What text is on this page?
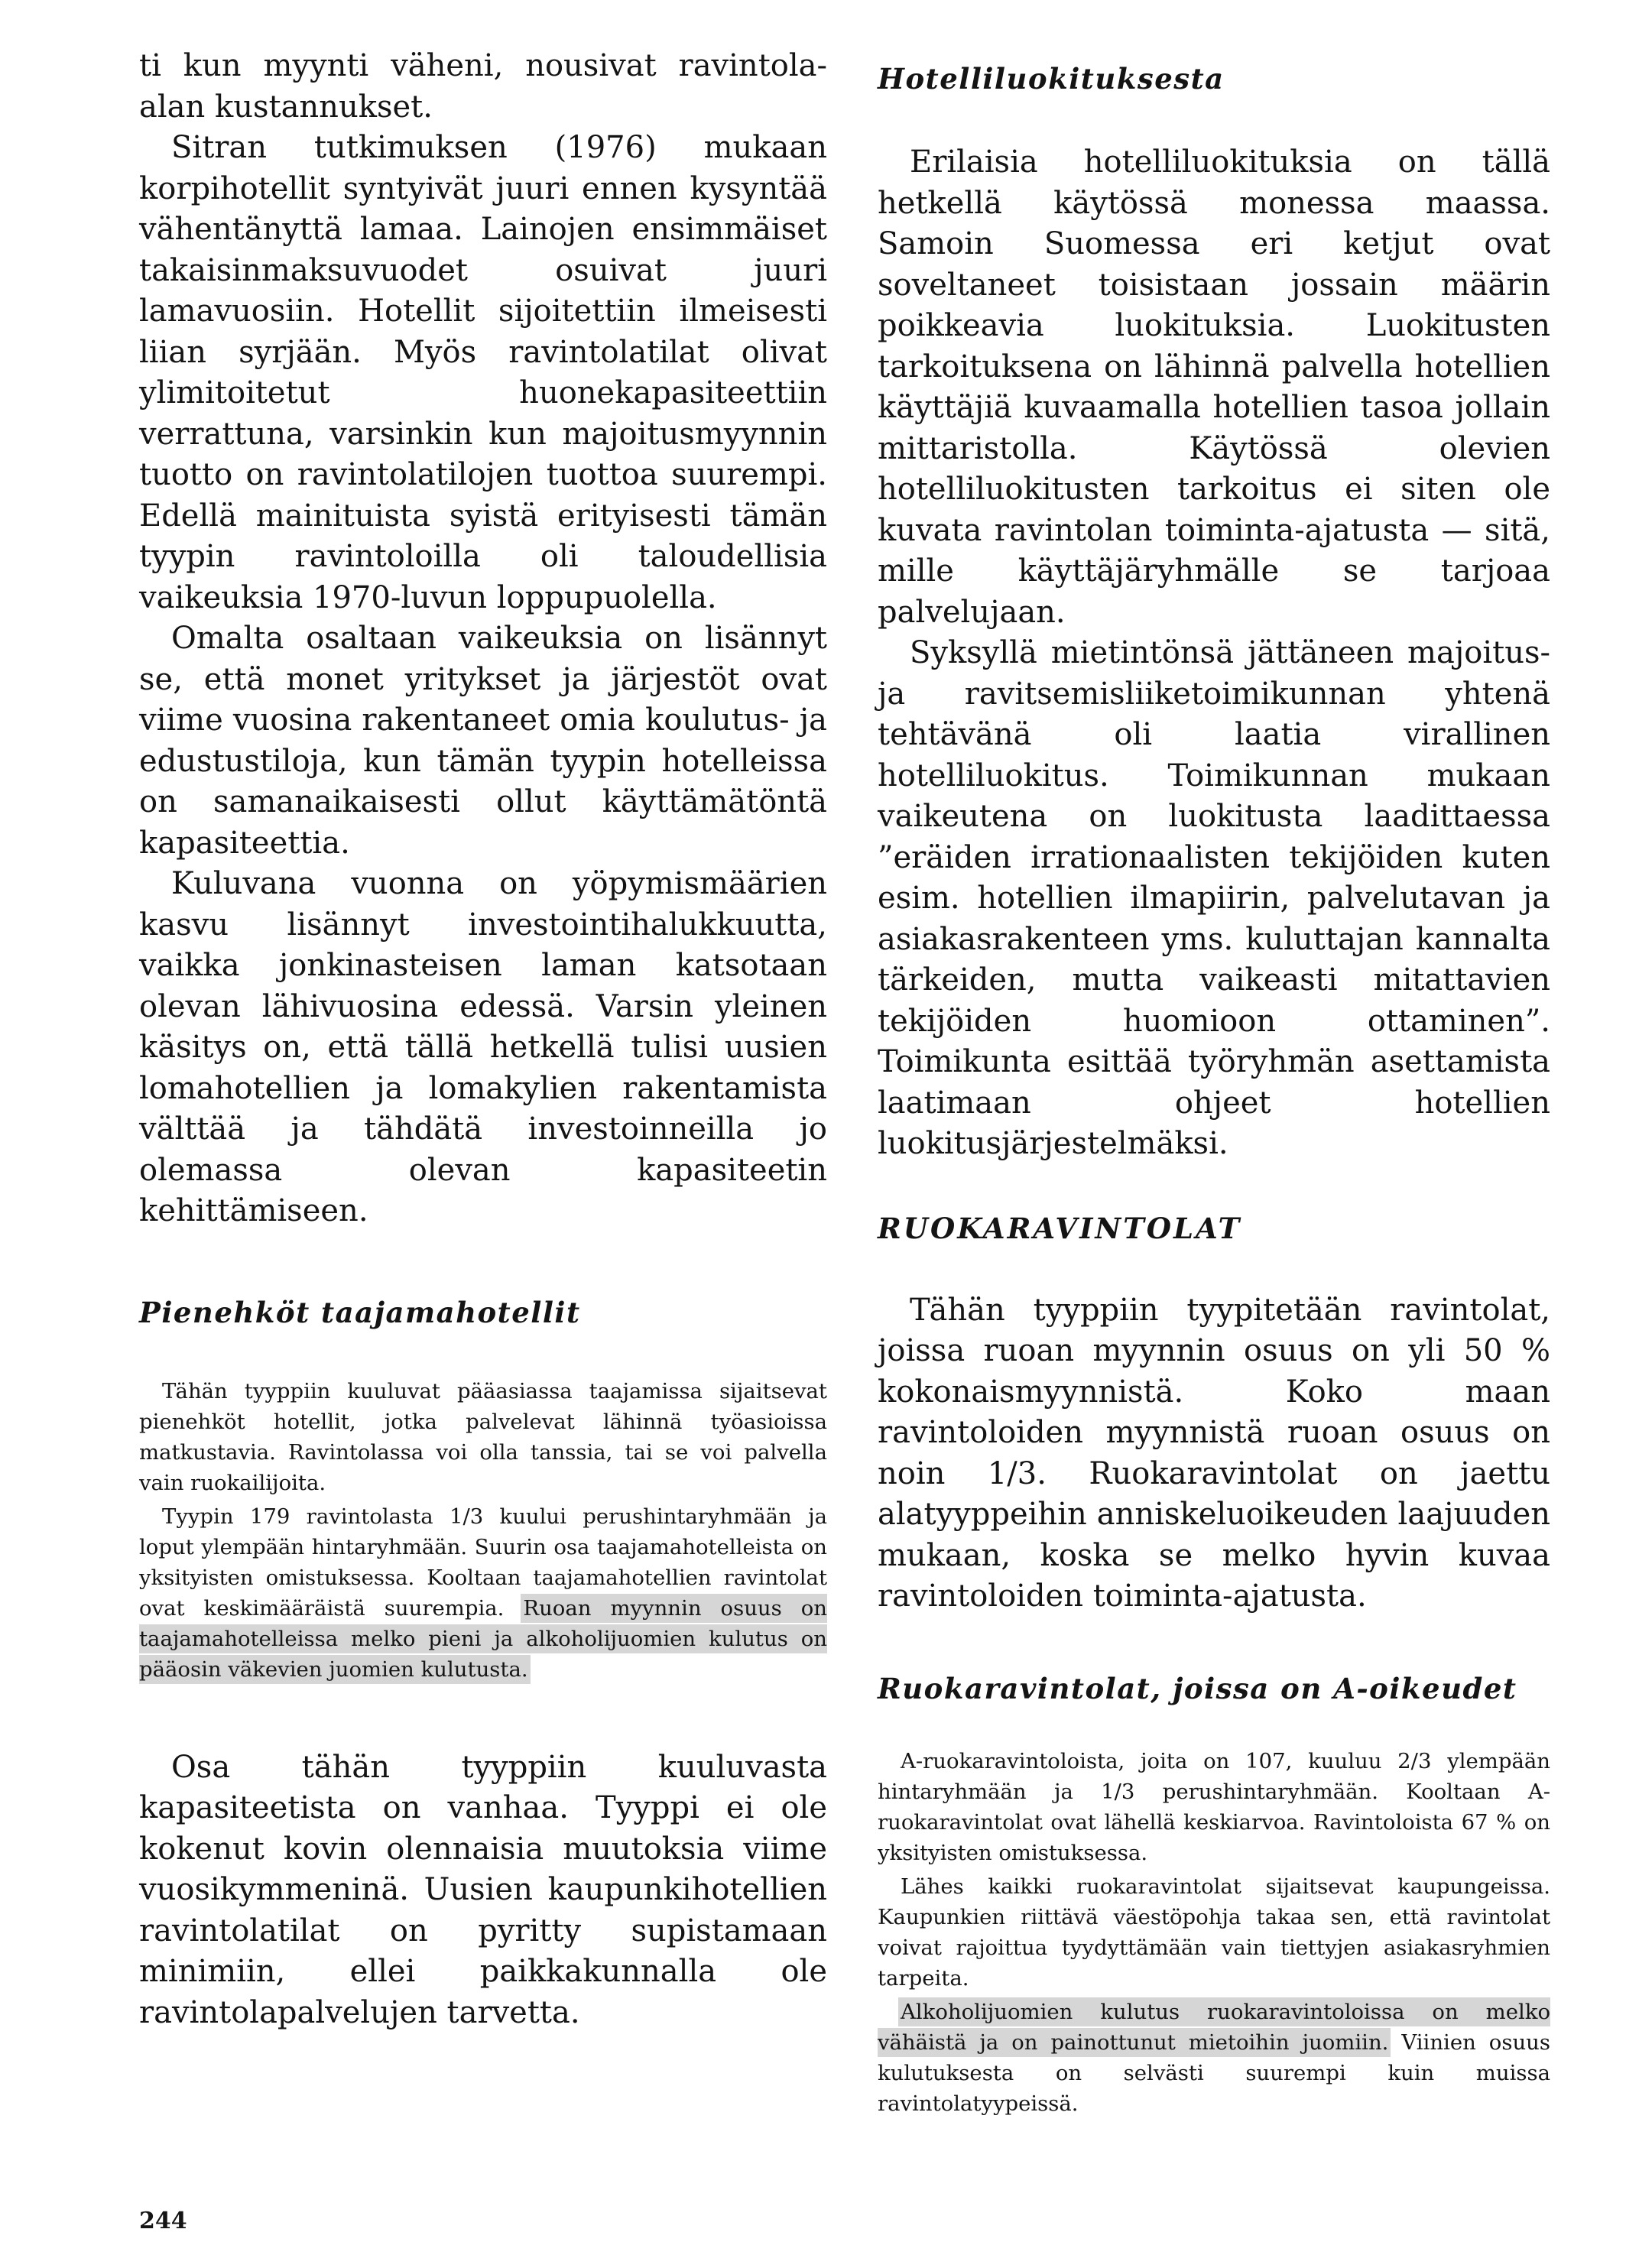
ti kun myynti väheni, nousivat ravintola-alan kustannukset.

Sitran tutkimuksen (1976) mukaan korpihotellit syntyivät juuri ennen kysyntää vähentänyttä lamaa. Lainojen ensimmäiset takaisinmaksuvuodet osuivat juuri lamavuosiin. Hotellit sijoitettiin ilmeisesti liian syrjään. Myös ravintolatilat olivat ylimitoitetut huonekapasiteettiin verrattuna, varsinkin kun majoitusmyynnin tuotto on ravintolatilojen tuottoa suurempi. Edellä mainituista syistä erityisesti tämän tyypin ravintoloilla oli taloudellisia vaikeuksia 1970-luvun loppupuolella.

Omalta osaltaan vaikeuksia on lisännyt se, että monet yritykset ja järjestöt ovat viime vuosina rakentaneet omia koulutus- ja edustustiloja, kun tämän tyypin hotelleissa on samanaikaisesti ollut käyttämätöntä kapasiteettia.

Kuluvana vuonna on yöpymismäärien kasvu lisännyt investointihalukkuutta, vaikka jonkinasteisen laman katsotaan olevan lähivuosina edessä. Varsin yleinen käsitys on, että tällä hetkellä tulisi uusien lomahotellien ja lomakylien rakentamista välttää ja tähdätä investoinneilla jo olemassa olevan kapasiteetin kehittämiseen.

Pienehköt taajamahotellit

Tähän tyyppiin kuuluvat pääasiassa taajamissa sijaitsevat pienehköt hotellit, jotka palvelevat lähinnä työasioissa matkustavia. Ravintolassa voi olla tanssia, tai se voi palvella vain ruokailijoita.

Tyypin 179 ravintolasta 1/3 kuului perushintaryhmään ja loput ylempään hintaryhmään. Suurin osa taajamahotelleista on yksityisten omistuksessa. Kooltaan taajamahotellien ravintolat ovat keskimääräistä suurempia. Ruoan myynnin osuus on taajamahotelleissa melko pieni ja alkoholijuomien kulutus on pääosin väkevien juomien kulutusta.

Osa tähän tyyppiin kuuluvasta kapasiteetista on vanhaa. Tyyppi ei ole kokenut kovin olennaisia muutoksia viime vuosikymmeninä. Uusien kaupunkihotellien ravintolatilat on pyritty supistamaan minimiin, ellei paikkakunnalla ole ravintolapalvelujen tarvetta.

Hotelliluokituksesta

Erilaisia hotelliluokituksia on tällä hetkellä käytössä monessa maassa. Samoin Suomessa eri ketjut ovat soveltaneet toisistaan jossain määrin poikkeavia luokituksia. Luokitusten tarkoituksena on lähinnä palvella hotellien käyttäjiä kuvaamalla hotellien tasoa jollain mittaristolla. Käytössä olevien hotelliluokitusten tarkoitus ei siten ole kuvata ravintolan toiminta-ajatusta — sitä, mille käyttäjäryhmälle se tarjoaa palvelujaan.

Syksyllä mietintönsä jättäneen majoitus- ja ravitsemisliiketoimikunnan yhtenä tehtävänä oli laatia virallinen hotelliluokitus. Toimikunnan mukaan vaikeutena on luokitusta laadittaessa ”eräiden irrationaalisten tekijöiden kuten esim. hotellien ilmapiirin, palvelutavan ja asiakasrakenteen yms. kuluttajan kannalta tärkeiden, mutta vaikeasti mitattavien tekijöiden huomioon ottaminen”. Toimikunta esittää työryhmän asettamista laatimaan ohjeet hotellien luokitusjärjestelmäksi.

RUOKARAVINTOLAT

Tähän tyyppiin tyypitetään ravintolat, joissa ruoan myynnin osuus on yli 50 % kokonaismyynnistä. Koko maan ravintoloiden myynnistä ruoan osuus on noin 1/3. Ruokaravintolat on jaettu alatyyppeihin anniskeluoikeuden laajuuden mukaan, koska se melko hyvin kuvaa ravintoloiden toiminta-ajatusta.

Ruokaravintolat, joissa on A-oikeudet

A-ruokaravintoloista, joita on 107, kuuluu 2/3 ylempään hintaryhmään ja 1/3 perushintaryhmään. Kooltaan A-ruokaravintolat ovat lähellä keskiarvoa. Ravintoloista 67 % on yksityisten omistuksessa.

Lähes kaikki ruokaravintolat sijaitsevat kaupungeissa. Kaupunkien riittävä väestöpohja takaa sen, että ravintolat voivat rajoittua tyydyttämään vain tiettyjen asiakasryhmien tarpeita.

Alkoholijuomien kulutus ruokaravintoloissa on melko vähäistä ja on painottunut mietoihin juomiin. Viinien osuus kulutuksesta on selvästi suurempi kuin muissa ravintolatyypeissä.

244
